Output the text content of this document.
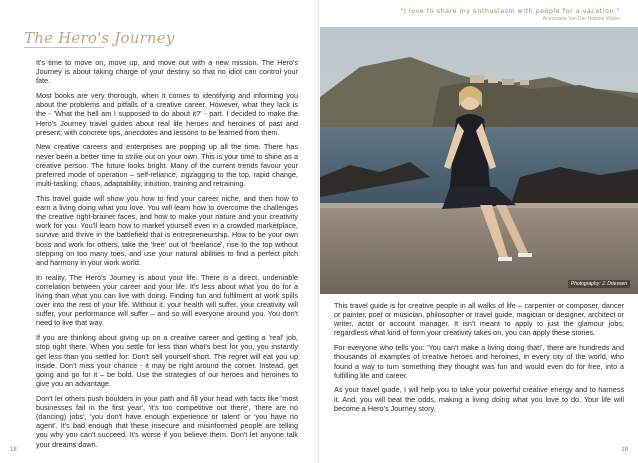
The Hero's Journey

It's time to move on, move up, and move out with a new mission. The Hero's Journey is about taking charge of your destiny so that no idiot can control your fate.

Most books are very thorough, when it comes to identifying and informing you about the problems and pitfalls of a creative career. However, what they lack is the - 'What the hell am I supposed to do about it?' - part. I decided to make the Hero's Journey travel guides about real life heroes and heroines of past and present; with concrete tips, anecdotes and lessons to be learned from them.

New creative careers and enterprises are popping up all the time. There has never been a better time to strike out on your own. This is your time to shine as a creative person. The future looks bright. Many of the current trends favour your preferred mode of operation – self-reliance, zigzagging to the top, rapid change, multi-tasking, chaos, adaptability, intuition, training and retraining.

This travel guide will show you how to find your career niche, and then how to earn a living doing what you love. You will learn how to overcome the challenges the creative right-brainer faces, and how to make your nature and your creativity work for you. You'll learn how to market yourself even in a crowded marketplace, survive and thrive in the battlefield that is entrepreneurship. How to be your own boss and work for others, take the 'free' out of 'freelance', rise to the top without stepping on too many toes, and use your natural abilities to find a perfect pitch and harmony in your work world.

In reality, The Hero's Journey is about your life. There is a direct, undeniable correlation between your career and your life. It's less about what you do for a living than what you can live with doing. Finding fun and fulfilment at work spills over into the rest of your life. Without it, your health will suffer, your creativity will suffer, your performance will suffer – and so will everyone around you. You don't need to live that way.

If you are thinking about giving up on a creative career and getting a 'real' job, stop right there. When you settle for less than what's best for you, you instantly get less than you settled for: Don't sell yourself short. The regret will eat you up inside. Don't miss your chance - it may be right around the corner. Instead, get going and go for it – be bold. Use the strategies of our heroes and heroines to give you an advantage.

Don't let others push boulders in your path and fill your head with facts like 'most businesses fail in the first year', 'it's too competitive out there', 'there are no (dancing) jobs', 'you don't have enough experience or talent' or 'you have no agent'. It's bad enough that these insecure and misinformed people are telling you why you can't succeed. It's worse if you believe them. Don't let anyone talk your dreams down.

18
"I love to share my enthusiasm with people for a vacation."
Annemarie Van Der Heijden Wiebe
Photography: J. Driessen

This travel guide is for creative people in all walks of life – carpenter or composer, dancer or painter, poet or musician, philosopher or travel guide, magician or designer, architect or writer, actor or account manager. It isn't meant to apply to just the glamour jobs; regardless what kind of form your creativity takes on, you can apply these stories.

For everyone who tells you: 'You can't make a living doing that!', there are hundreds and thousands of examples of creative heroes and heroines, in every city of the world, who found a way to turn something they thought was fun and would even do for free, into a fulfilling life and career.

As your travel guide, I will help you to take your powerful creative energy and to harness it. And, you will beat the odds, making a living doing what you love to do. Your life will become a Hero's Journey story.

19
